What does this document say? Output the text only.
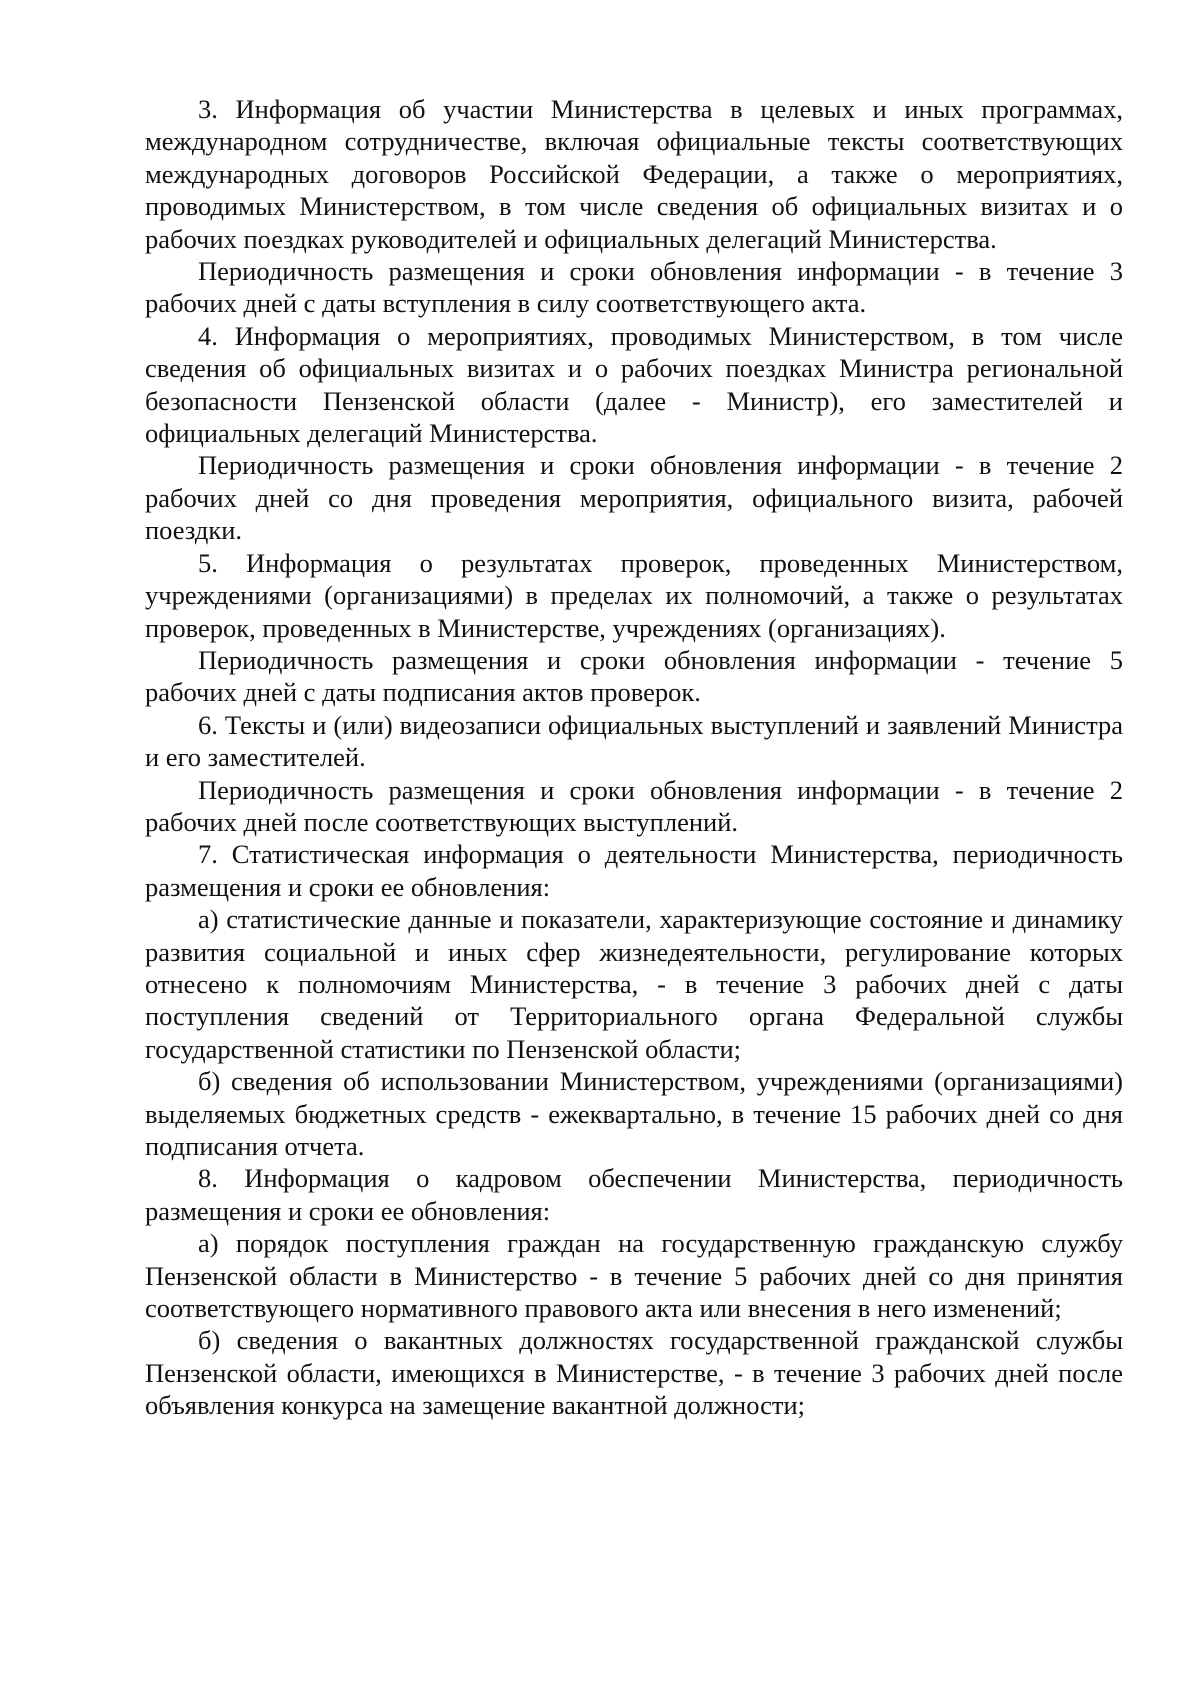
3. Информация об участии Министерства в целевых и иных программах, международном сотрудничестве, включая официальные тексты соответствующих международных договоров Российской Федерации, а также о мероприятиях, проводимых Министерством, в том числе сведения об официальных визитах и о рабочих поездках руководителей и официальных делегаций Министерства.

Периодичность размещения и сроки обновления информации - в течение 3 рабочих дней с даты вступления в силу соответствующего акта.

4. Информация о мероприятиях, проводимых Министерством, в том числе сведения об официальных визитах и о рабочих поездках Министра региональной безопасности Пензенской области (далее - Министр), его заместителей и официальных делегаций Министерства.

Периодичность размещения и сроки обновления информации - в течение 2 рабочих дней со дня проведения мероприятия, официального визита, рабочей поездки.

5. Информация о результатах проверок, проведенных Министерством, учреждениями (организациями) в пределах их полномочий, а также о результатах проверок, проведенных в Министерстве, учреждениях (организациях).

Периодичность размещения и сроки обновления информации - течение 5 рабочих дней с даты подписания актов проверок.

6. Тексты и (или) видеозаписи официальных выступлений и заявлений Министра и его заместителей.

Периодичность размещения и сроки обновления информации - в течение 2 рабочих дней после соответствующих выступлений.

7. Статистическая информация о деятельности Министерства, периодичность размещения и сроки ее обновления:

а) статистические данные и показатели, характеризующие состояние и динамику развития социальной и иных сфер жизнедеятельности, регулирование которых отнесено к полномочиям Министерства, - в течение 3 рабочих дней с даты поступления сведений от Территориального органа Федеральной службы государственной статистики по Пензенской области;

б) сведения об использовании Министерством, учреждениями (организациями) выделяемых бюджетных средств - ежеквартально, в течение 15 рабочих дней со дня подписания отчета.

8. Информация о кадровом обеспечении Министерства, периодичность размещения и сроки ее обновления:

а) порядок поступления граждан на государственную гражданскую службу Пензенской области в Министерство - в течение 5 рабочих дней со дня принятия соответствующего нормативного правового акта или внесения в него изменений;

б) сведения о вакантных должностях государственной гражданской службы Пензенской области, имеющихся в Министерстве, - в течение 3 рабочих дней после объявления конкурса на замещение вакантной должности;
